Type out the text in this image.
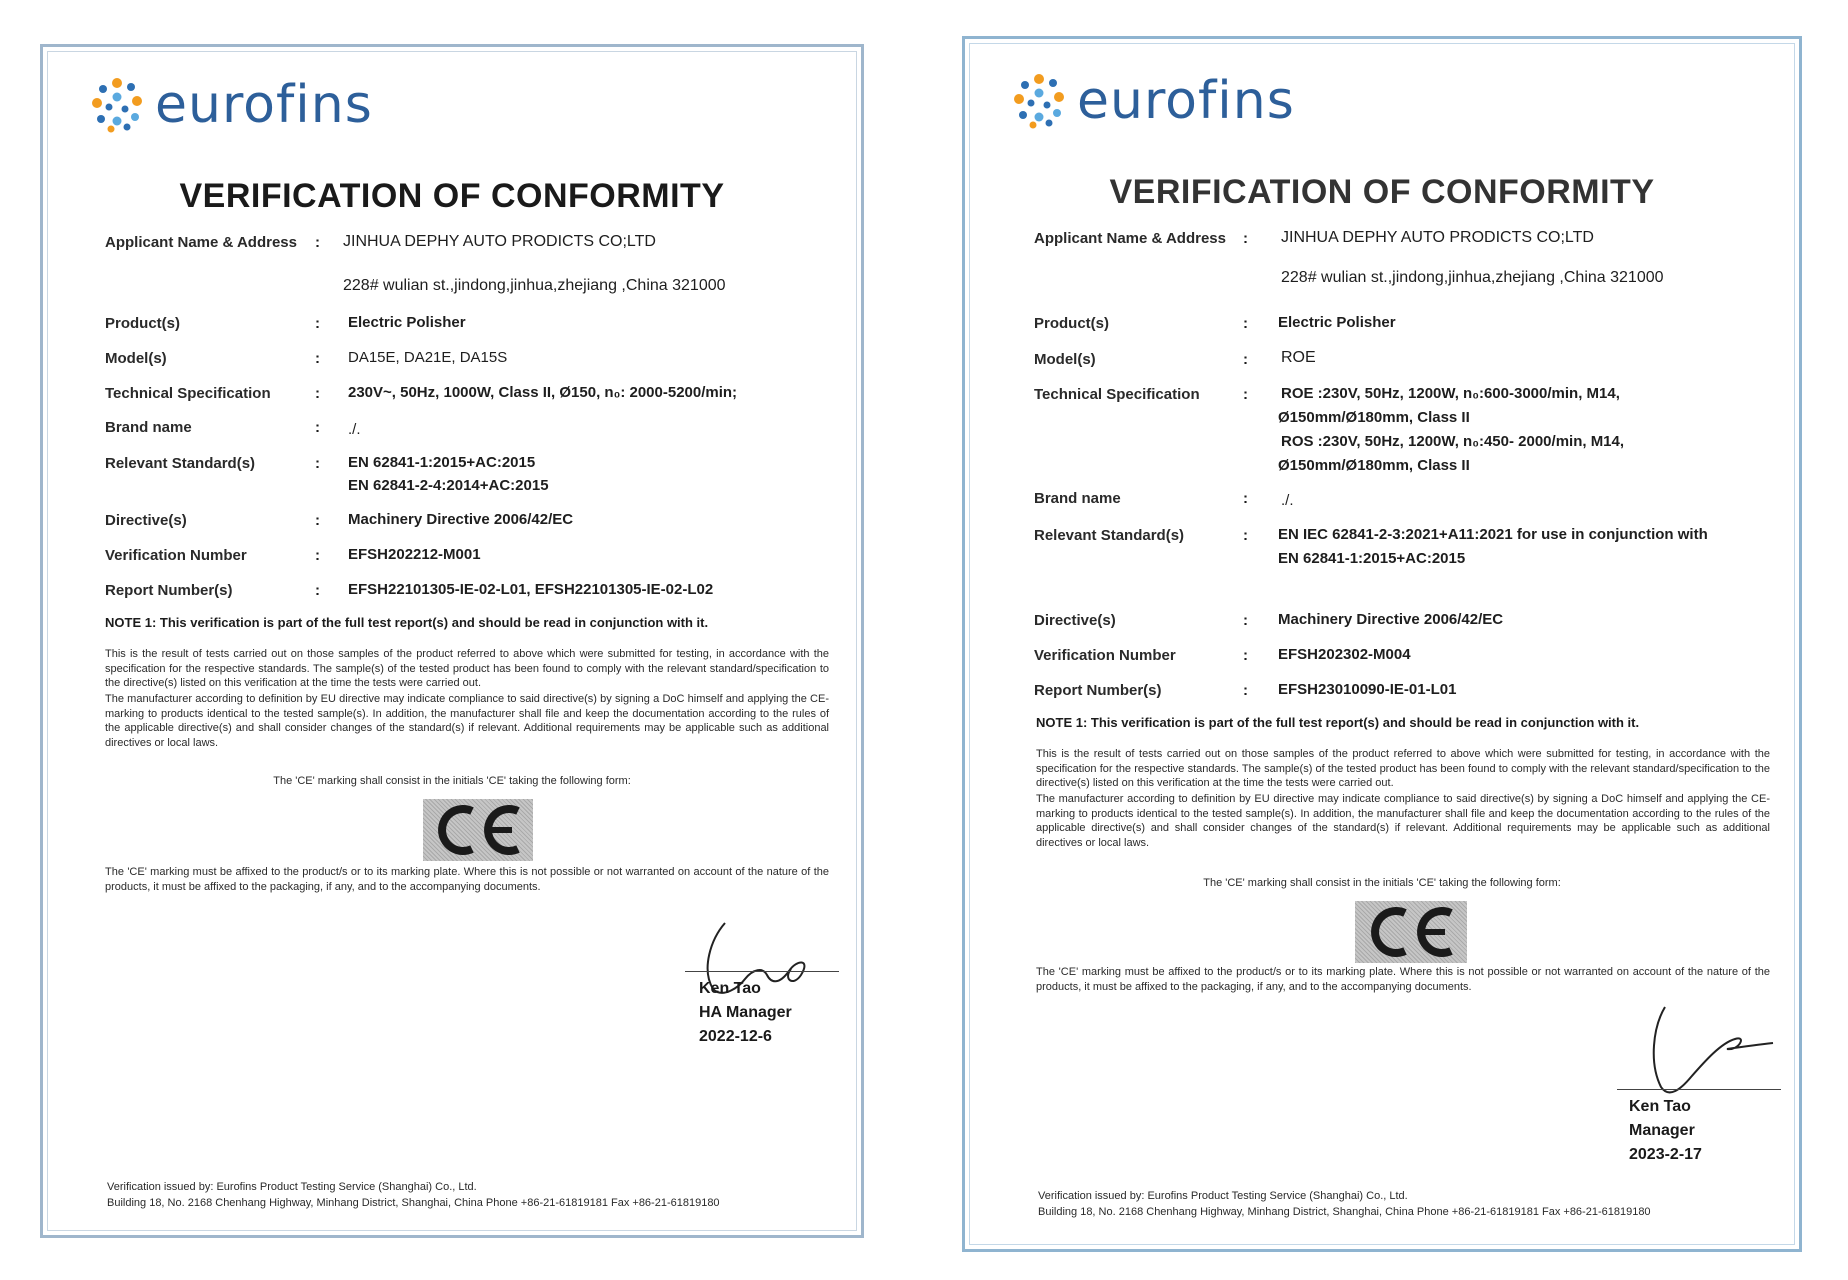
eurofins
VERIFICATION OF CONFORMITY
Applicant Name & Address : JINHUA DEPHY AUTO PRODICTS CO;LTD
228# wulian st.,jindong,jinhua,zhejiang ,China 321000
Product(s)	: Electric Polisher
Model(s)	: DA15E, DA21E, DA15S
Technical Specification	: 230V~, 50Hz, 1000W, Class II, Ø150, n₀: 2000-5200/min;
Brand name	: ./.
Relevant Standard(s)	: EN 62841-1:2015+AC:2015
EN 62841-2-4:2014+AC:2015
Directive(s)	: Machinery Directive 2006/42/EC
Verification Number	: EFSH202212-M001
Report Number(s)	: EFSH22101305-IE-02-L01, EFSH22101305-IE-02-L02
NOTE 1: This verification is part of the full test report(s) and should be read in conjunction with it.
This is the result of tests carried out on those samples of the product referred to above which were submitted for testing, in accordance with the specification for the respective standards. The sample(s) of the tested product has been found to comply with the relevant standard/specification to the directive(s) listed on this verification at the time the tests were carried out.
The manufacturer according to definition by EU directive may indicate compliance to said directive(s) by signing a DoC himself and applying the CE-marking to products identical to the tested sample(s). In addition, the manufacturer shall file and keep the documentation according to the rules of the applicable directive(s) and shall consider changes of the standard(s) if relevant. Additional requirements may be applicable such as additional directives or local laws.
The 'CE' marking shall consist in the initials 'CE' taking the following form:
The 'CE' marking must be affixed to the product/s or to its marking plate. Where this is not possible or not warranted on account of the nature of the products, it must be affixed to the packaging, if any, and to the accompanying documents.
Ken Tao
HA Manager
2022-12-6
Verification issued by: Eurofins Product Testing Service (Shanghai) Co., Ltd.
Building 18, No. 2168 Chenhang Highway, Minhang District, Shanghai, China Phone +86-21-61819181 Fax +86-21-61819180
eurofins
VERIFICATION OF CONFORMITY
Applicant Name & Address : JINHUA DEPHY AUTO PRODICTS CO;LTD
228# wulian st.,jindong,jinhua,zhejiang ,China 321000
Product(s)	: Electric Polisher
Model(s)	: ROE
Technical Specification	: ROE :230V, 50Hz, 1200W, n₀:600-3000/min, M14,
Ø150mm/Ø180mm, Class II
ROS :230V, 50Hz, 1200W, n₀:450- 2000/min, M14,
Ø150mm/Ø180mm, Class II
Brand name	: ./.
Relevant Standard(s)	: EN IEC 62841-2-3:2021+A11:2021 for use in conjunction with
EN 62841-1:2015+AC:2015
Directive(s)	: Machinery Directive 2006/42/EC
Verification Number	: EFSH202302-M004
Report Number(s)	: EFSH23010090-IE-01-L01
NOTE 1: This verification is part of the full test report(s) and should be read in conjunction with it.
This is the result of tests carried out on those samples of the product referred to above which were submitted for testing, in accordance with the specification for the respective standards. The sample(s) of the tested product has been found to comply with the relevant standard/specification to the directive(s) listed on this verification at the time the tests were carried out.
The manufacturer according to definition by EU directive may indicate compliance to said directive(s) by signing a DoC himself and applying the CE-marking to products identical to the tested sample(s). In addition, the manufacturer shall file and keep the documentation according to the rules of the applicable directive(s) and shall consider changes of the standard(s) if relevant. Additional requirements may be applicable such as additional directives or local laws.
The 'CE' marking shall consist in the initials 'CE' taking the following form:
The 'CE' marking must be affixed to the product/s or to its marking plate. Where this is not possible or not warranted on account of the nature of the products, it must be affixed to the packaging, if any, and to the accompanying documents.
Ken Tao
Manager
2023-2-17
Verification issued by: Eurofins Product Testing Service (Shanghai) Co., Ltd.
Building 18, No. 2168 Chenhang Highway, Minhang District, Shanghai, China Phone +86-21-61819181 Fax +86-21-61819180
